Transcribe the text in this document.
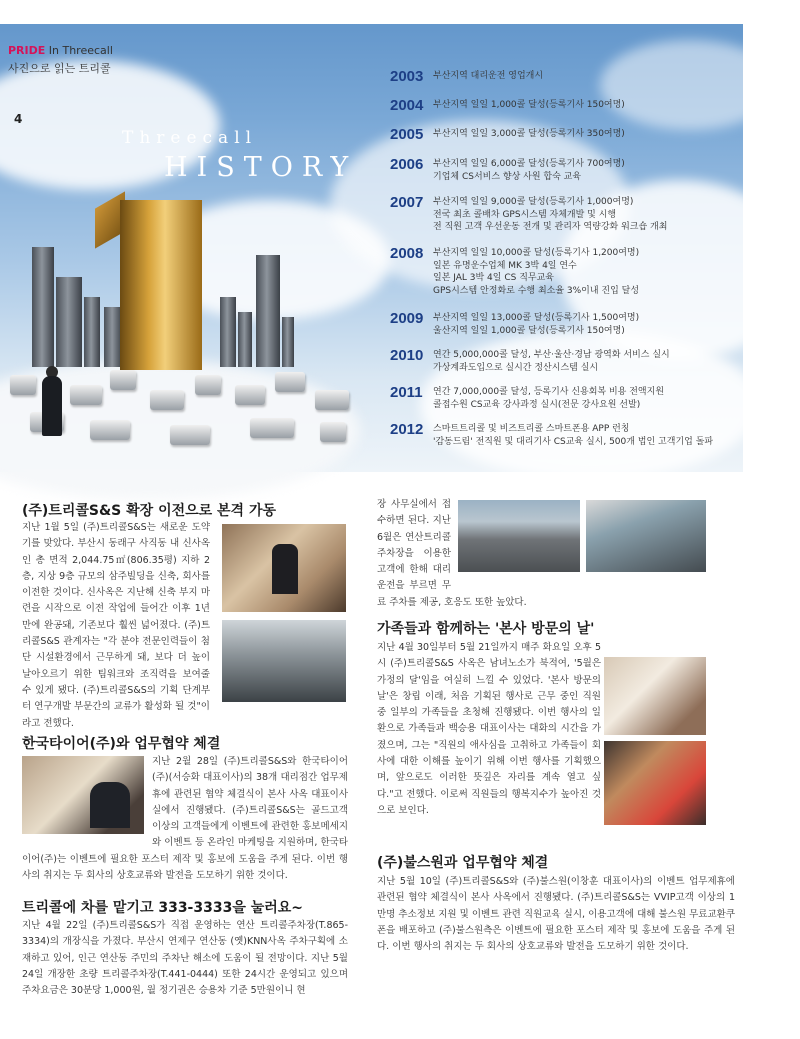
PRIDE In Threecall
사진으로 읽는 트리콜
4
Threecall
HISTORY
2003 부산지역 대리운전 영업개시
2004 부산지역 일일 1,000콜 달성(등록기사 150여명)
2005 부산지역 일일 3,000콜 달성(등록기사 350여명)
2006 부산지역 일일 6,000콜 달성(등록기사 700여명)
기업체 CS서비스 향상 사원 합숙 교육
2007 부산지역 일일 9,000콜 달성(등록기사 1,000여명)
전국 최초 콜배차 GPS시스템 자체개발 및 시행
전 직원 고객 우선운동 전개 및 관리자 역량강화 워크숍 개최
2008 부산지역 일일 10,000콜 달성(등록기사 1,200여명)
일본 유명운수업체 MK 3박 4일 연수
일본 JAL 3박 4일 CS 직무교육
GPS시스템 안정화로 수행 최소율 3%이내 진입 달성
2009 부산지역 일일 13,000콜 달성(등록기사 1,500여명)
울산지역 일일 1,000콜 달성(등록기사 150여명)
2010 연간 5,000,000콜 달성, 부산·울산·경남 광역화 서비스 실시
가상계좌도입으로 실시간 정산시스템 실시
2011 연간 7,000,000콜 달성, 등록기사 신용회복 비용 전액지원
콜접수원 CS교육 강사과정 실시(전문 강사요원 선발)
2012 스마트트리콜 및 비즈트리콜 스마트폰용 APP 런칭
'감동드림' 전직원 및 대리기사 CS교육 실시, 500개 법인 고객기업 돌파
(주)트리콜S&S 확장 이전으로 본격 가동
지난 1월 5일 (주)트리콜S&S는 새로운 도약기를 맞았다. 부산시 동래구 사직동 내 신사옥인 총 면적 2,044.75㎡(806.35평) 지하 2층, 지상 9층 규모의 삼주빌딩을 신축, 회사를 이전한 것이다. 신사옥은 지난해 신축 부지 마련을 시작으로 이전 작업에 들어간 이후 1년만에 완공돼, 기존보다 훨씬 넓어졌다. (주)트리콜S&S 관계자는 "각 분야 전문인력들이 첨단 시설환경에서 근무하게 돼, 보다 더 높이 날아오르기 위한 팀워크와 조직력을 보여줄 수 있게 됐다. (주)트리콜S&S의 기획 단계부터 연구개발 부문간의 교류가 활성화 될 것"이라고 전했다.
한국타이어(주)와 업무협약 체결
지난 2월 28일 (주)트리콜S&S와 한국타이어(주)(서승화 대표이사)의 38개 대리점간 업무제휴에 관련된 협약 체결식이 본사 사옥 대표이사실에서 진행됐다. (주)트리콜S&S는 골드고객 이상의 고객들에게 이벤트에 관련한 홍보메세지와 이벤트 등 온라인 마케팅을 지원하며, 한국타이어(주)는 이벤트에 필요한 포스터 제작 및 홍보에 도움을 주게 된다. 이번 행사의 취지는 두 회사의 상호교류와 발전을 도모하기 위한 것이다.
트리콜에 차를 맡기고 333-3333을 눌러요~
지난 4월 22일 (주)트리콜S&S가 직접 운영하는 연산 트리콜주차장(T.865-3334)의 개장식을 가졌다. 부산시 연제구 연산동 (옛)KNN사옥 주차구획에 소재하고 있어, 인근 연산동 주민의 주차난 해소에 도움이 될 전망이다. 지난 5월 24일 개장한 초량 트리콜주차장(T.441-0444) 또한 24시간 운영되고 있으며 주차요금은 30분당 1,000원, 월 정기권은 승용차 기준 5만원이니 현
장 사무실에서 접수하면 된다. 지난 6월은 연산트리콜 주차장을 이용한 고객에 한해 대리운전을 부르면 무료 주차를 제공, 호응도 또한 높았다.
가족들과 함께하는 '본사 방문의 날'
지난 4월 30일부터 5월 21일까지 매주 화요일 오후 5시 (주)트리콜S&S 사옥은 남녀노소가 북적여, '5월은 가정의 달'임을 여실히 느낄 수 있었다. '본사 방문의 날'은 창립 이래, 처음 기획된 행사로 근무 중인 직원 중 일부의 가족들을 초청해 진행됐다. 이번 행사의 일환으로 가족들과 백승용 대표이사는 대화의 시간을 가졌으며, 그는 "직원의 애사심을 고취하고 가족들이 회사에 대한 이해를 높이기 위해 이번 행사를 기획했으며, 앞으로도 이러한 뜻깊은 자리를 계속 열고 싶다."고 전했다. 이로써 직원들의 행복지수가 높아진 것으로 보인다.
(주)불스원과 업무협약 체결
지난 5월 10일 (주)트리콜S&S와 (주)불스원(이창훈 대표이사)의 이벤트 업무제휴에 관련된 협약 체결식이 본사 사옥에서 진행됐다. (주)트리콜S&S는 VVIP고객 이상의 1만명 추소정보 지원 및 이벤트 관련 직원교육 실시, 이용고객에 대해 불스원 무료교환쿠폰을 배포하고 (주)불스원측은 이벤트에 필요한 포스터 제작 및 홍보에 도움을 주게 된다. 이번 행사의 취지는 두 회사의 상호교류와 발전을 도모하기 위한 것이다.
